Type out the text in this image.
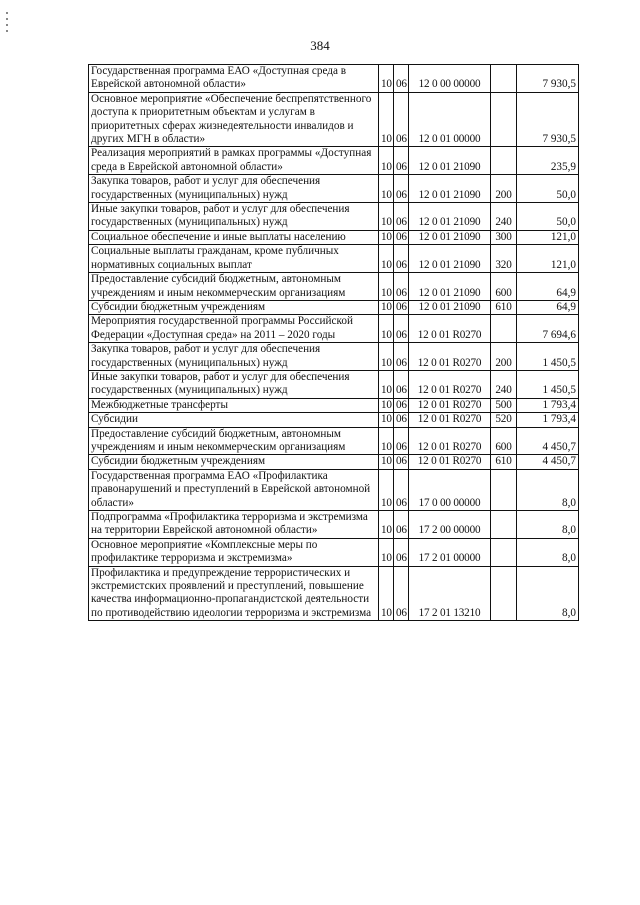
384
Государственная программа ЕАО «Доступная среда в Еврейской автономной области»	10	06	12 0 00 00000		7 930,5
Основное мероприятие «Обеспечение беспрепятственного доступа к приоритетным объектам и услугам в приоритетных сферах жизнедеятельности инвалидов и других МГН в области»	10	06	12 0 01 00000		7 930,5
Реализация мероприятий в рамках программы «Доступная среда в Еврейской автономной области»	10	06	12 0 01 21090		235,9
Закупка товаров, работ и услуг для обеспечения государственных (муниципальных) нужд	10	06	12 0 01 21090	200	50,0
Иные закупки товаров, работ и услуг для обеспечения государственных (муниципальных) нужд	10	06	12 0 01 21090	240	50,0
Социальное обеспечение и иные выплаты населению	10	06	12 0 01 21090	300	121,0
Социальные выплаты гражданам, кроме публичных нормативных социальных выплат	10	06	12 0 01 21090	320	121,0
Предоставление субсидий бюджетным, автономным учреждениям и иным некоммерческим организациям	10	06	12 0 01 21090	600	64,9
Субсидии бюджетным учреждениям	10	06	12 0 01 21090	610	64,9
Мероприятия государственной программы Российской Федерации «Доступная среда» на 2011 – 2020 годы	10	06	12 0 01 R0270		7 694,6
Закупка товаров, работ и услуг для обеспечения государственных (муниципальных) нужд	10	06	12 0 01 R0270	200	1 450,5
Иные закупки товаров, работ и услуг для обеспечения государственных (муниципальных) нужд	10	06	12 0 01 R0270	240	1 450,5
Межбюджетные трансферты	10	06	12 0 01 R0270	500	1 793,4
Субсидии	10	06	12 0 01 R0270	520	1 793,4
Предоставление субсидий бюджетным, автономным учреждениям и иным некоммерческим организациям	10	06	12 0 01 R0270	600	4 450,7
Субсидии бюджетным учреждениям	10	06	12 0 01 R0270	610	4 450,7
Государственная программа ЕАО «Профилактика правонарушений и преступлений в Еврейской автономной области»	10	06	17 0 00 00000		8,0
Подпрограмма «Профилактика терроризма и экстремизма на территории Еврейской автономной области»	10	06	17 2 00 00000		8,0
Основное мероприятие «Комплексные меры по профилактике терроризма и экстремизма»	10	06	17 2 01 00000		8,0
Профилактика и предупреждение террористических и экстремистских проявлений и преступлений, повышение качества информационно-пропагандистской деятельности по противодействию идеологии терроризма и экстремизма	10	06	17 2 01 13210		8,0
